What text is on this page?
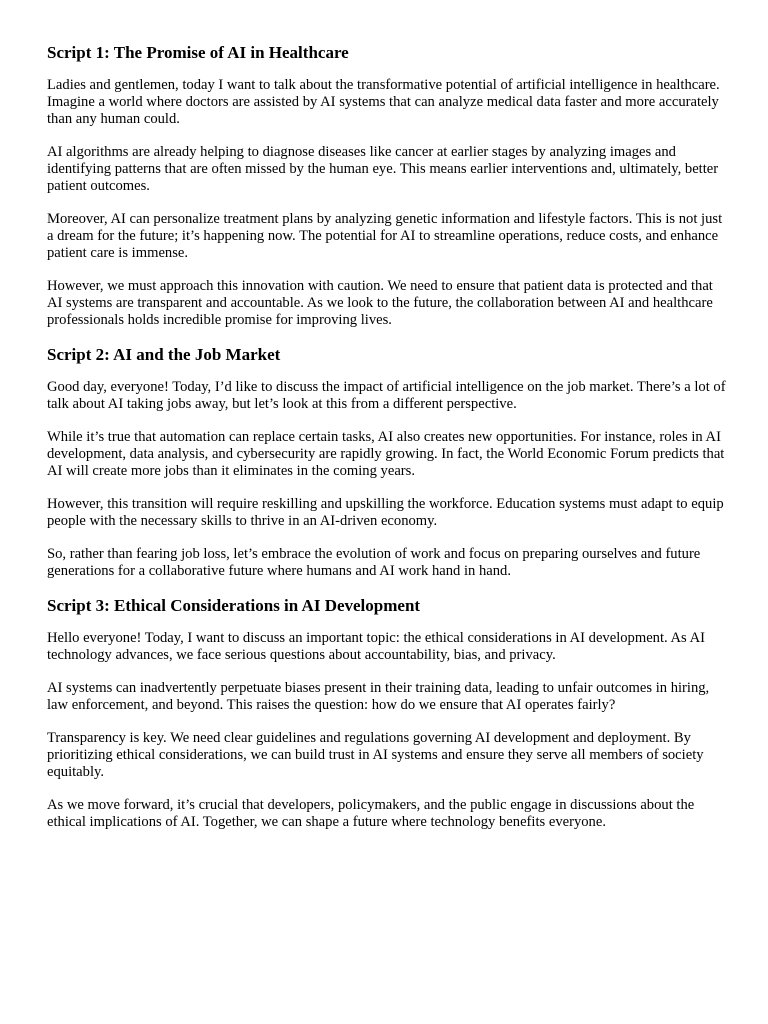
Script 1: The Promise of AI in Healthcare

Ladies and gentlemen, today I want to talk about the transformative potential of artificial intelligence in healthcare. Imagine a world where doctors are assisted by AI systems that can analyze medical data faster and more accurately than any human could.

AI algorithms are already helping to diagnose diseases like cancer at earlier stages by analyzing images and identifying patterns that are often missed by the human eye. This means earlier interventions and, ultimately, better patient outcomes.

Moreover, AI can personalize treatment plans by analyzing genetic information and lifestyle factors. This is not just a dream for the future; it’s happening now. The potential for AI to streamline operations, reduce costs, and enhance patient care is immense.

However, we must approach this innovation with caution. We need to ensure that patient data is protected and that AI systems are transparent and accountable. As we look to the future, the collaboration between AI and healthcare professionals holds incredible promise for improving lives.

Script 2: AI and the Job Market

Good day, everyone! Today, I’d like to discuss the impact of artificial intelligence on the job market. There’s a lot of talk about AI taking jobs away, but let’s look at this from a different perspective.

While it’s true that automation can replace certain tasks, AI also creates new opportunities. For instance, roles in AI development, data analysis, and cybersecurity are rapidly growing. In fact, the World Economic Forum predicts that AI will create more jobs than it eliminates in the coming years.

However, this transition will require reskilling and upskilling the workforce. Education systems must adapt to equip people with the necessary skills to thrive in an AI-driven economy.

So, rather than fearing job loss, let’s embrace the evolution of work and focus on preparing ourselves and future generations for a collaborative future where humans and AI work hand in hand.

Script 3: Ethical Considerations in AI Development

Hello everyone! Today, I want to discuss an important topic: the ethical considerations in AI development. As AI technology advances, we face serious questions about accountability, bias, and privacy.

AI systems can inadvertently perpetuate biases present in their training data, leading to unfair outcomes in hiring, law enforcement, and beyond. This raises the question: how do we ensure that AI operates fairly?

Transparency is key. We need clear guidelines and regulations governing AI development and deployment. By prioritizing ethical considerations, we can build trust in AI systems and ensure they serve all members of society equitably.

As we move forward, it’s crucial that developers, policymakers, and the public engage in discussions about the ethical implications of AI. Together, we can shape a future where technology benefits everyone.
